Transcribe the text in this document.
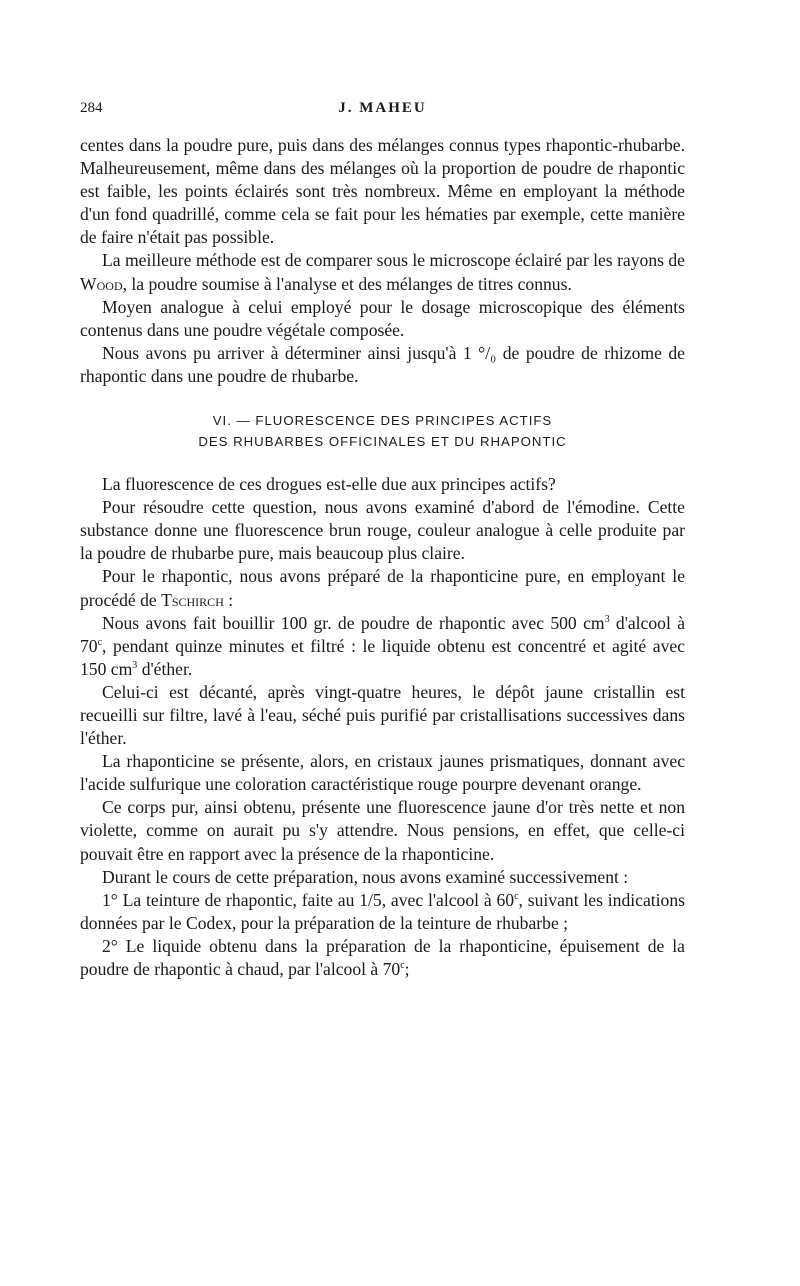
284	J. MAHEU

centes dans la poudre pure, puis dans des mélanges connus types rhapontic-rhubarbe. Malheureusement, même dans des mélanges où la proportion de poudre de rhapontic est faible, les points éclairés sont très nombreux. Même en employant la méthode d'un fond quadrillé, comme cela se fait pour les hématies par exemple, cette manière de faire n'était pas possible.

La meilleure méthode est de comparer sous le microscope éclairé par les rayons de Wood, la poudre soumise à l'analyse et des mélanges de titres connus.

Moyen analogue à celui employé pour le dosage microscopique des éléments contenus dans une poudre végétale composée.

Nous avons pu arriver à déterminer ainsi jusqu'à 1 °/₀ de poudre de rhizome de rhapontic dans une poudre de rhubarbe.

VI. — FLUORESCENCE DES PRINCIPES ACTIFS
DES RHUBARBES OFFICINALES ET DU RHAPONTIC

La fluorescence de ces drogues est-elle due aux principes actifs?

Pour résoudre cette question, nous avons examiné d'abord de l'émodine. Cette substance donne une fluorescence brun rouge, couleur analogue à celle produite par la poudre de rhubarbe pure, mais beaucoup plus claire.

Pour le rhapontic, nous avons préparé de la rhaponticine pure, en employant le procédé de Tschirch :

Nous avons fait bouillir 100 gr. de poudre de rhapontic avec 500 $cm^3$ d'alcool à 70$^c$, pendant quinze minutes et filtré : le liquide obtenu est concentré et agité avec 150 $cm^3$ d'éther.

Celui-ci est décanté, après vingt-quatre heures, le dépôt jaune cristallin est recueilli sur filtre, lavé à l'eau, séché puis purifié par cristallisations successives dans l'éther.

La rhaponticine se présente, alors, en cristaux jaunes prismatiques, donnant avec l'acide sulfurique une coloration caractéristique rouge pourpre devenant orange.

Ce corps pur, ainsi obtenu, présente une fluorescence jaune d'or très nette et non violette, comme on aurait pu s'y attendre. Nous pensions, en effet, que celle-ci pouvait être en rapport avec la présence de la rhaponticine.

Durant le cours de cette préparation, nous avons examiné successivement :

1° La teinture de rhapontic, faite au 1/5, avec l'alcool à 60$^c$, suivant les indications données par le Codex, pour la préparation de la teinture de rhubarbe ;

2° Le liquide obtenu dans la préparation de la rhaponticine, épuisement de la poudre de rhapontic à chaud, par l'alcool à 70$^c$;
